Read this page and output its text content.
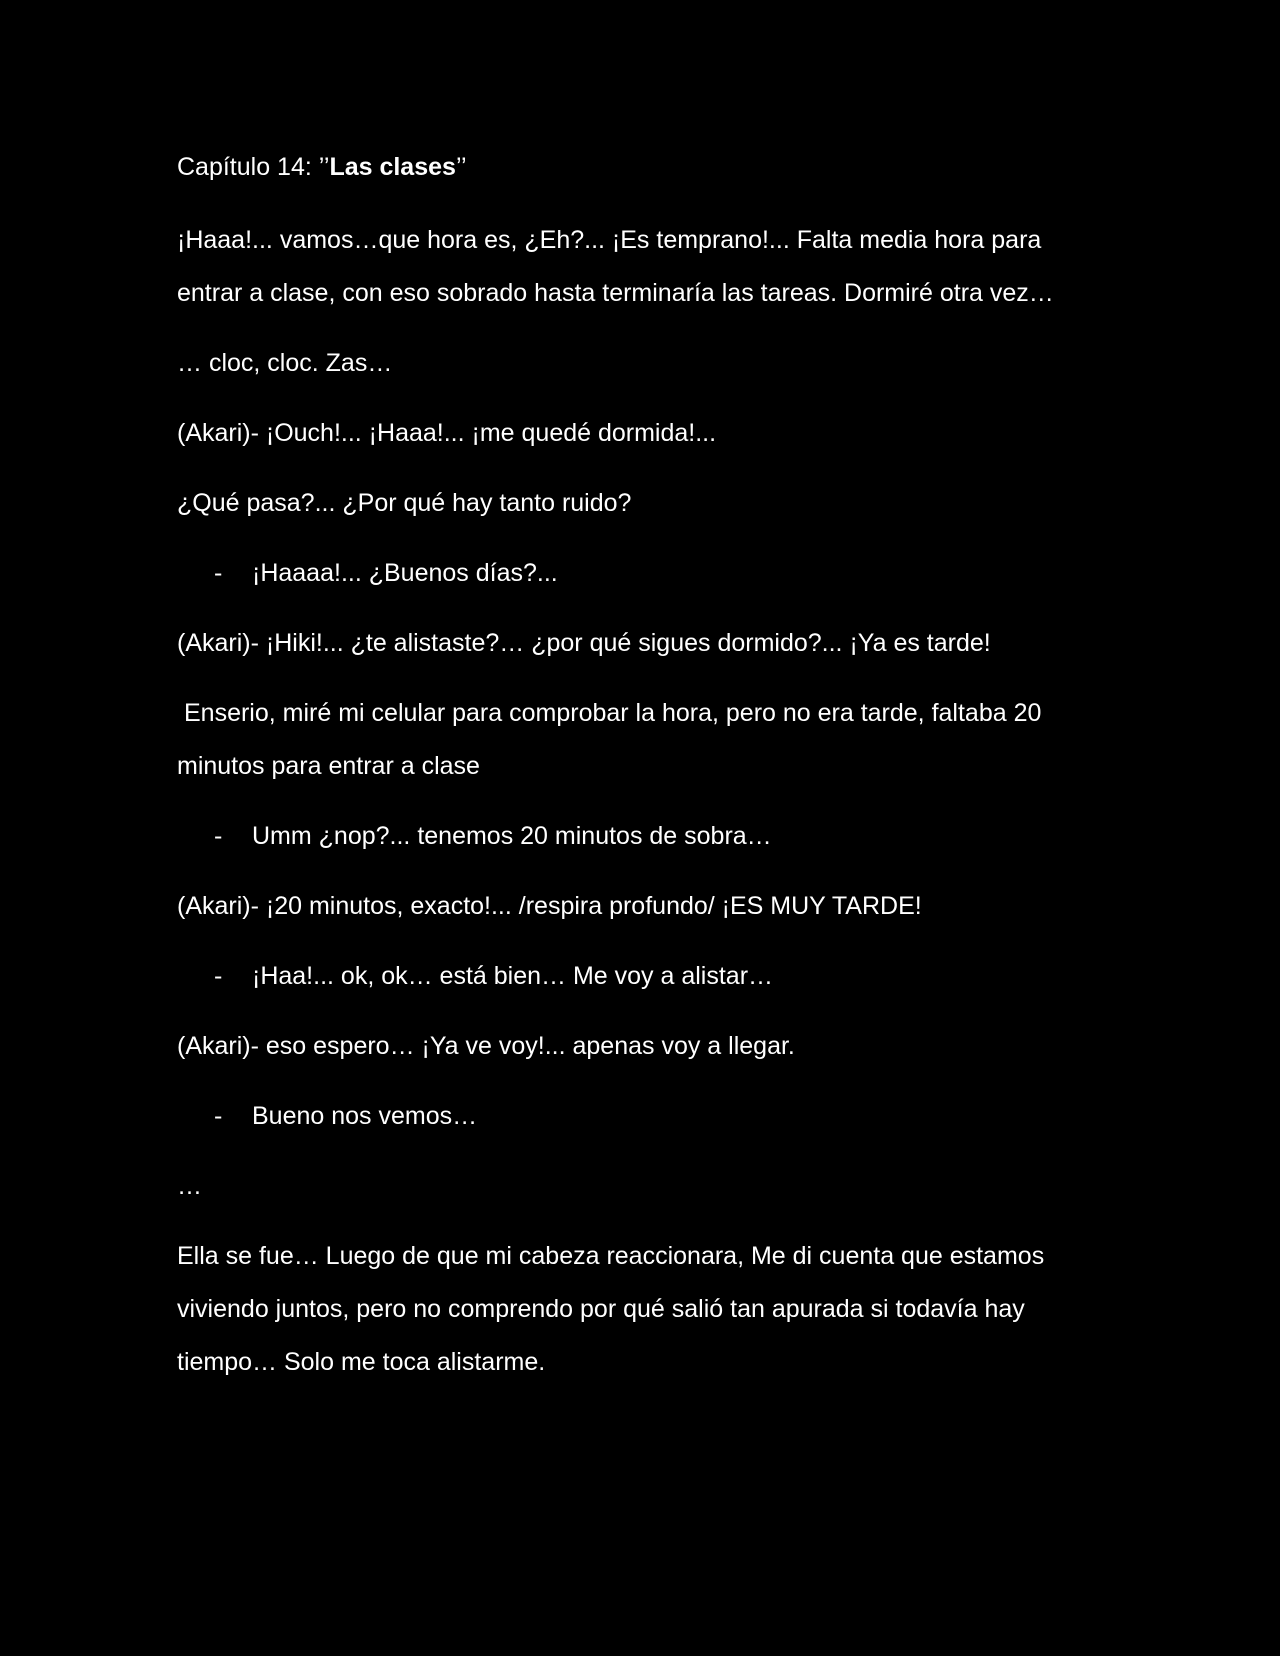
Capítulo 14: ’’Las clases’’

¡Haaa!... vamos…que hora es, ¿Eh?... ¡Es temprano!... Falta media hora para entrar a clase, con eso sobrado hasta terminaría las tareas. Dormiré otra vez…

… cloc, cloc. Zas…

(Akari)- ¡Ouch!... ¡Haaa!... ¡me quedé dormida!...

¿Qué pasa?... ¿Por qué hay tanto ruido?

-	¡Haaaa!... ¿Buenos días?...

(Akari)- ¡Hiki!... ¿te alistaste?… ¿por qué sigues dormido?... ¡Ya es tarde!

Enserio, miré mi celular para comprobar la hora, pero no era tarde, faltaba 20 minutos para entrar a clase

-	Umm ¿nop?... tenemos 20 minutos de sobra…

(Akari)- ¡20 minutos, exacto!... /respira profundo/ ¡ES MUY TARDE!

-	¡Haa!... ok, ok… está bien… Me voy a alistar…

(Akari)- eso espero… ¡Ya ve voy!... apenas voy a llegar.

-	Bueno nos vemos…

…

Ella se fue… Luego de que mi cabeza reaccionara, Me di cuenta que estamos viviendo juntos, pero no comprendo por qué salió tan apurada si todavía hay tiempo… Solo me toca alistarme.
